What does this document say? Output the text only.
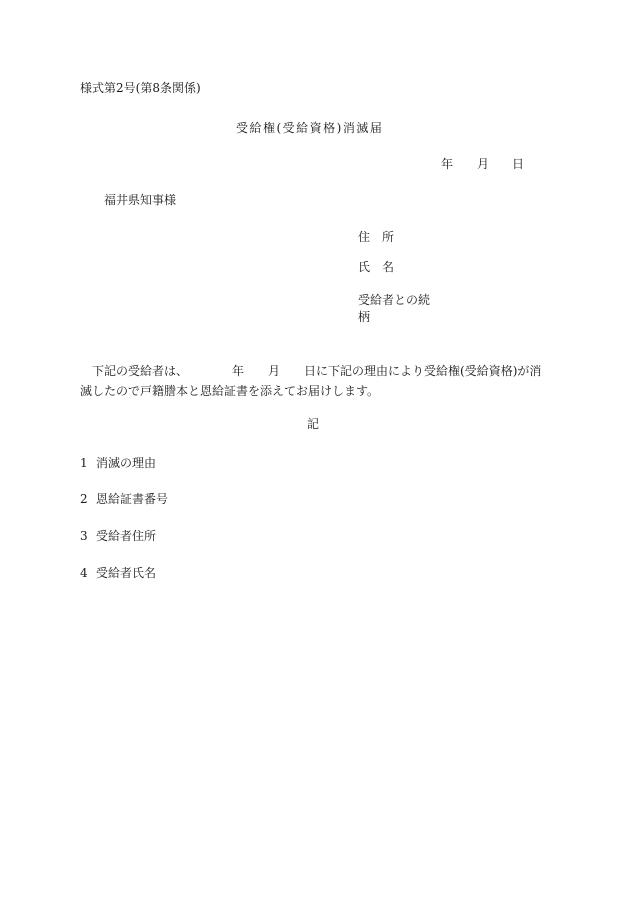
様式第2号(第8条関係)
受給権(受給資格)消滅届
年 月 日
福井県知事様
住　所
氏　名
受給者との続柄
下記の受給者は、	年 月 日に下記の理由により受給権(受給資格)が消滅したので戸籍謄本と恩給証書を添えてお届けします。
記
1 消滅の理由
2 恩給証書番号
3 受給者住所
4 受給者氏名
